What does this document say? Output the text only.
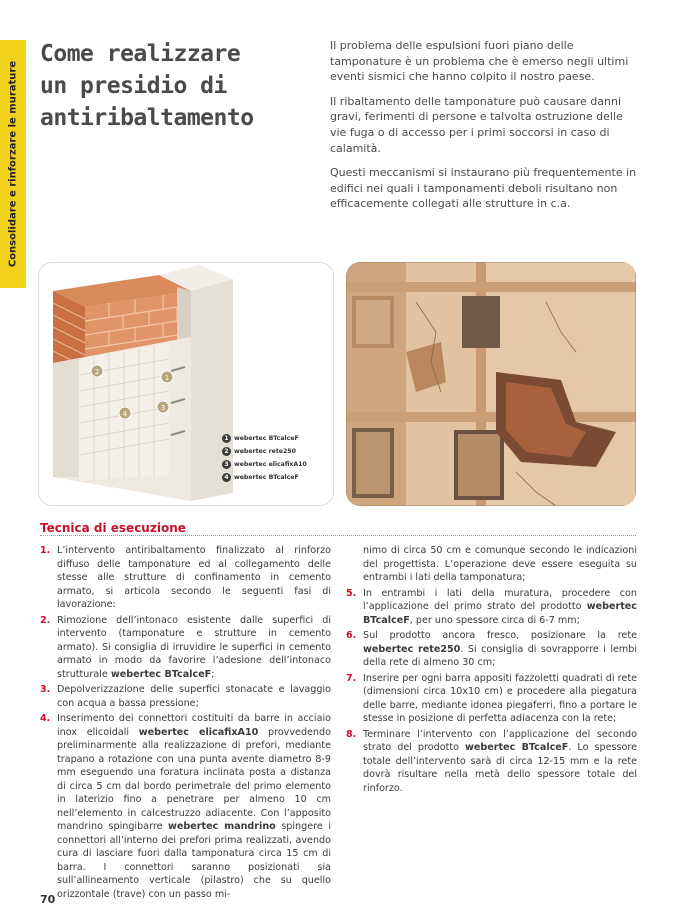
Consolidare e rinforzare le murature
Come realizzare
un presidio di
antiribaltamento

Il problema delle espulsioni fuori piano delle tamponature è un problema che è emerso negli ultimi eventi sismici che hanno colpito il nostro paese.

Il ribaltamento delle tamponature può causare danni gravi, ferimenti di persone e talvolta ostruzione delle vie fuga o di accesso per i primi soccorsi in caso di calamità.

Questi meccanismi si instaurano più frequentemente in edifici nei quali i tamponamenti deboli risultano non efficacemente collegati alle strutture in c.a.

1
2
3
4
1 webertec BTcalceF
2 webertec rete250
3 webertec elicafixA10
4 webertec BTcalceF
Tecnica di esecuzione
1. L’intervento antiribaltamento finalizzato al rinforzo diffuso delle tamponature ed al collegamento delle stesse alle strutture di confinamento in cemento armato, si articola secondo le seguenti fasi di lavorazione:
2. Rimozione dell’intonaco esistente dalle superfici di intervento (tamponature e strutture in cemento armato). Si consiglia di irruvidire le superfici in cemento armato in modo da favorire l’adesione dell’intonaco strutturale webertec BTcalceF;
3. Depolverizzazione delle superfici stonacate e lavaggio con acqua a bassa pressione;
4. Inserimento dei connettori costituiti da barre in acciaio inox elicoidali webertec elicafixA10 provvedendo preliminarmente alla realizzazione di prefori, mediante trapano a rotazione con una punta avente diametro 8-9 mm eseguendo una foratura inclinata posta a distanza di circa 5 cm dal bordo perimetrale del primo elemento in laterizio fino a penetrare per almeno 10 cm nell’elemento in calcestruzzo adiacente. Con l’apposito mandrino spingibarre webertec mandrino spingere i connettori all’interno dei prefori prima realizzati, avendo cura di lasciare fuori dalla tamponatura circa 15 cm di barra. I connettori saranno posizionati sia sull’allineamento verticale (pilastro) che su quello orizzontale (trave) con un passo mi-
nimo di circa 50 cm e comunque secondo le indicazioni del progettista. L’operazione deve essere eseguita su entrambi i lati della tamponatura;
5. In entrambi i lati della muratura, procedere con l’applicazione del primo strato del prodotto webertec BTcalceF, per uno spessore circa di 6-7 mm;
6. Sul prodotto ancora fresco, posizionare la rete webertec rete250. Si consiglia di sovrapporre i lembi della rete di almeno 30 cm;
7. Inserire per ogni barra appositi fazzoletti quadrati di rete (dimensioni circa 10x10 cm) e procedere alla piegatura delle barre, mediante idonea piegaferri, fino a portare le stesse in posizione di perfetta adiacenza con la rete;
8. Terminare l’intervento con l’applicazione del secondo strato del prodotto webertec BTcalceF. Lo spessore totale dell’intervento sarà di circa 12-15 mm e la rete dovrà risultare nella metà dello spessore totale del rinforzo.
70
